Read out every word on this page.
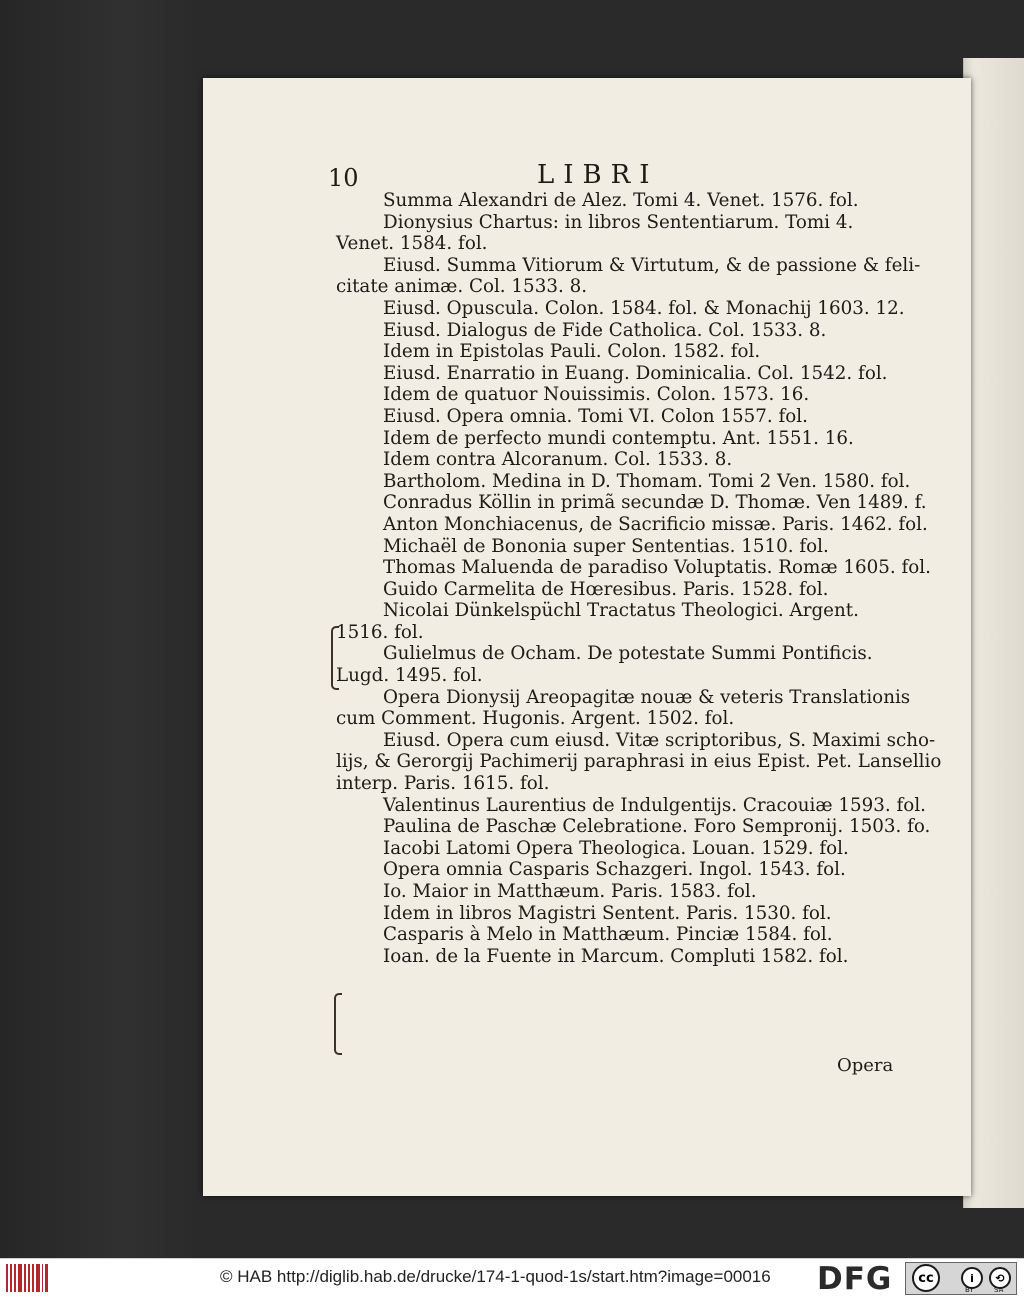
10	LIBRI
Summa Alexandri de Alez. Tomi 4. Venet. 1576. fol.
Dionysius Chartus: in libros Sententiarum. Tomi 4.
Venet. 1584. fol.
Eiusd. Summa Vitiorum & Virtutum, & de passione & feli-
citate animæ. Col. 1533. 8.
Eiusd. Opuscula. Colon. 1584. fol. & Monachij 1603. 12.
Eiusd. Dialogus de Fide Catholica. Col. 1533. 8.
Idem in Epistolas Pauli. Colon. 1582. fol.
Eiusd. Enarratio in Euang. Dominicalia. Col. 1542. fol.
Idem de quatuor Nouissimis. Colon. 1573. 16.
Eiusd. Opera omnia. Tomi VI. Colon 1557. fol.
Idem de perfecto mundi contemptu. Ant. 1551. 16.
Idem contra Alcoranum. Col. 1533. 8.
Bartholom. Medina in D. Thomam. Tomi 2 Ven. 1580. fol.
Conradus Köllin in primã secundæ D. Thomæ. Ven 1489. f.
Anton Monchiacenus, de Sacrificio missæ. Paris. 1462. fol.
Michaël de Bononia super Sententias. 1510. fol.
Thomas Maluenda de paradiso Voluptatis. Romæ 1605. fol.
Guido Carmelita de Hœresibus. Paris. 1528. fol.
Nicolai Dünkelspüchl Tractatus Theologici. Argent.
1516. fol.
Gulielmus de Ocham. De potestate Summi Pontificis.
Lugd. 1495. fol.
Opera Dionysij Areopagitæ nouæ & veteris Translationis
cum Comment. Hugonis. Argent. 1502. fol.
Eiusd. Opera cum eiusd. Vitæ scriptoribus, S. Maximi scho-
lijs, & Gerorgij Pachimerij paraphrasi in eius Epist. Pet. Lansellio
interp. Paris. 1615. fol.
Valentinus Laurentius de Indulgentijs. Cracouiæ 1593. fol.
Paulina de Paschæ Celebratione. Foro Sempronij. 1503. fo.
Iacobi Latomi Opera Theologica. Louan. 1529. fol.
Opera omnia Casparis Schazgeri. Ingol. 1543. fol.
Io. Maior in Matthæum. Paris. 1583. fol.
Idem in libros Magistri Sentent. Paris. 1530. fol.
Casparis à Melo in Matthæum. Pinciæ 1584. fol.
Ioan. de la Fuente in Marcum. Compluti 1582. fol.
Opera
© HAB http://diglib.hab.de/drucke/174-1-quod-1s/start.htm?image=00016 DFG	cc	i
BY
⟲
SA
